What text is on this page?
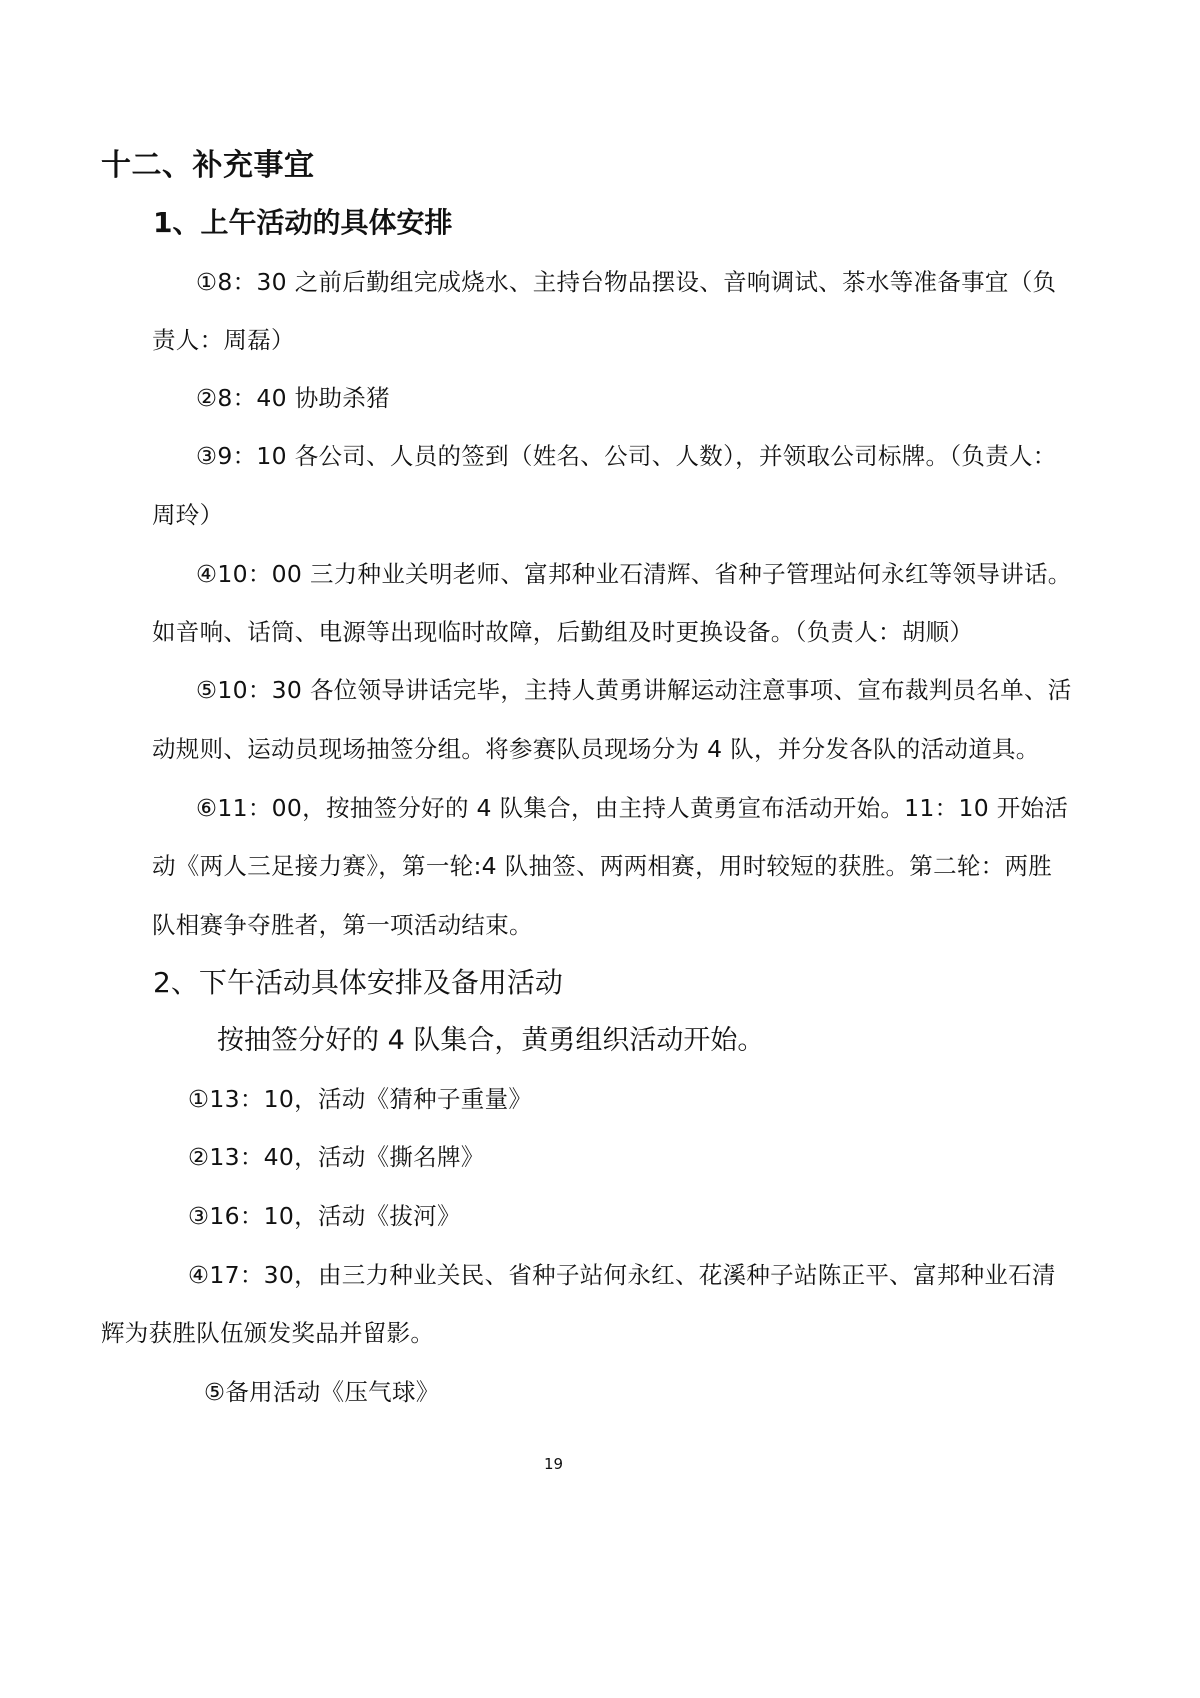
十二、补充事宜
1、上午活动的具体安排
①8：30 之前后勤组完成烧水、主持台物品摆设、音响调试、茶水等准备事宜（负
责人：周磊）
②8：40 协助杀猪
③9：10 各公司、人员的签到（姓名、公司、人数），并领取公司标牌。（负责人：
周玲）
④10：00 三力种业关明老师、富邦种业石清辉、省种子管理站何永红等领导讲话。
如音响、话筒、电源等出现临时故障，后勤组及时更换设备。（负责人：胡顺）
⑤10：30 各位领导讲话完毕，主持人黄勇讲解运动注意事项、宣布裁判员名单、活
动规则、运动员现场抽签分组。将参赛队员现场分为 4 队，并分发各队的活动道具。
⑥11：00，按抽签分好的 4 队集合，由主持人黄勇宣布活动开始。11：10 开始活
动《两人三足接力赛》，第一轮:4 队抽签、两两相赛，用时较短的获胜。第二轮：两胜
队相赛争夺胜者，第一项活动结束。
2、下午活动具体安排及备用活动
按抽签分好的 4 队集合，黄勇组织活动开始。
①13：10，活动《猜种子重量》
②13：40，活动《撕名牌》
③16：10，活动《拔河》
④17：30，由三力种业关民、省种子站何永红、花溪种子站陈正平、富邦种业石清
辉为获胜队伍颁发奖品并留影。
⑤备用活动《压气球》
19
